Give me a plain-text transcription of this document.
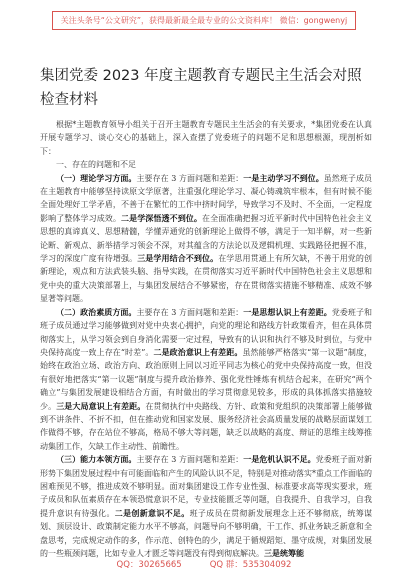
关注头条号“公文研究”，获得最新最全最专业的公文资料库！ 微信：gongwenyj
集团党委 2023 年度主题教育专题民主生活会对照检查材料

根据*主题教育领导小组关于召开主题教育专题民主生活会的有关要求，*集团党委在认真开展专题学习、谈心交心的基础上，深入查摆了党委班子的问题不足和思想根源，现剖析如下：

一、存在的问题和不足

（一）理论学习方面。主要存在 3 方面问题和差距：一是主动学习不到位。虽然班子成员在主题教育中能够坚持读原文学原著，注重强化理论学习、凝心铸魂筑牢根本，但有时候不能全面处理好工学矛盾，不善于在繁忙的工作中挤时间学，导致学习不及时、不全面，一定程度影响了整体学习成效。二是学深悟透不到位。在全面准确把握习近平新时代中国特色社会主义思想的真谛真义、思想精髓，学懂弄通党的创新理论上做得不够，满足于一知半解，对一些新论断、新观点、新举措学习领会不深，对其蕴含的方法论以及逻辑机理、实践路径把握不准，学习的深度广度有待增强。三是学用结合不到位。在学思用贯通上有所欠缺，不善于用党的创新理论，观点和方法武装头脑、指导实践，在贯彻落实习近平新时代中国特色社会主义思想和党中央的重大决策部署上，与集团发展结合不够紧密，存在贯彻落实措施不够精准、成效不够显著等问题。

（二）政治素质方面。主要存在 3 方面问题和差距：一是思想认识上有差距。党委班子和班子成员通过学习能够做到对党中央衷心拥护，向党的理论和路线方针政策看齐，但在具体贯彻落实上，从学习领会到自身消化需要一定过程，导致有的认识和执行不够及时到位，与党中央保持高度一致上存在“时差”。二是政治意识上有差距。虽然能够严格落实“第一议题”制度，始终在政治立场、政治方向、政治原则上同以习近平同志为核心的党中央保持高度一致，但没有很好地把落实“第一议题”制度与提升政治修养、强化党性锤炼有机结合起来，在研究“两个确立”与集团发展建设相结合方面，有时做出的学习贯彻意见较多，形成的具体抓落实措施较少。三是大局意识上有差距。在贯彻执行中央路线、方针、政策和党组织的决策部署上能够做到不讲条件、不折不扣，但在推动党和国家发展、服务经济社会高质量发展的战略层面谋划工作做得不够，存在站位不够高，格局不够大等问题，缺乏以战略的高度、辩证的思维主线筹推动集团工作，欠缺工作主动性、前瞻性。

（三）能力本领方面。主要存在 3 方面问题和差距：一是危机认识不足。党委班子面对新形势下集团发展过程中有可能面临和产生的风险认识不足，特别是对推动落实*重点工作面临的困难预见不够，推进成效不够明显。面对集团建设工作专业性强、标准要求高等现实要求，班子成员和队伍素质存在本领恐慌意识不足，专业技能匮乏等问题，自我提升、自我学习，自我提升意识有待强化。二是创新意识不足。班子成员在贯彻新发展理念上还不够彻底，统筹谋划、顶层设计、政策制定能力水平不够高，问题导向不够明确，干工作、抓业务缺乏新意和全盘思考，完成规定动作的多，作示范、创特色的少，满足于循规蹈矩、墨守成规，对集团发展的一些瓶颈问题，比如专业人才匮乏等问题没有得到彻底解决。三是统筹能

QQ：30265665	QQ 群：535304092
